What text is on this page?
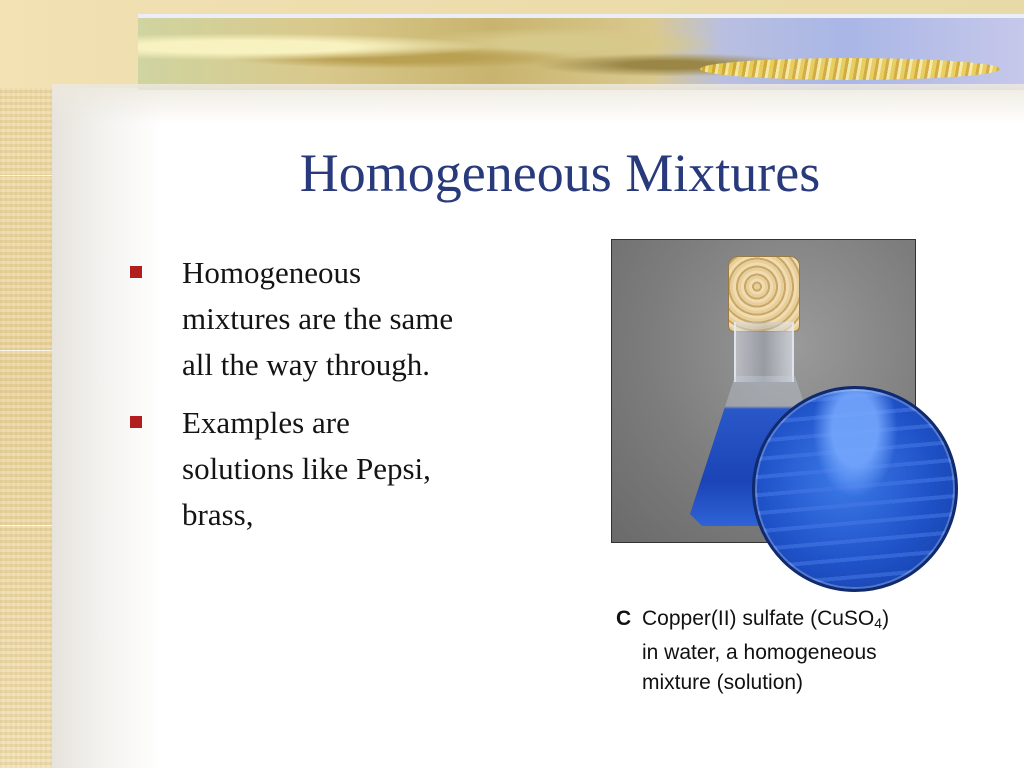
Homogeneous Mixtures
Homogeneous
mixtures are the same
all the way through.
Examples are
solutions like Pepsi,
brass,
C Copper(II) sulfate (CuSO$_4$)
in water, a homogeneous
mixture (solution)
